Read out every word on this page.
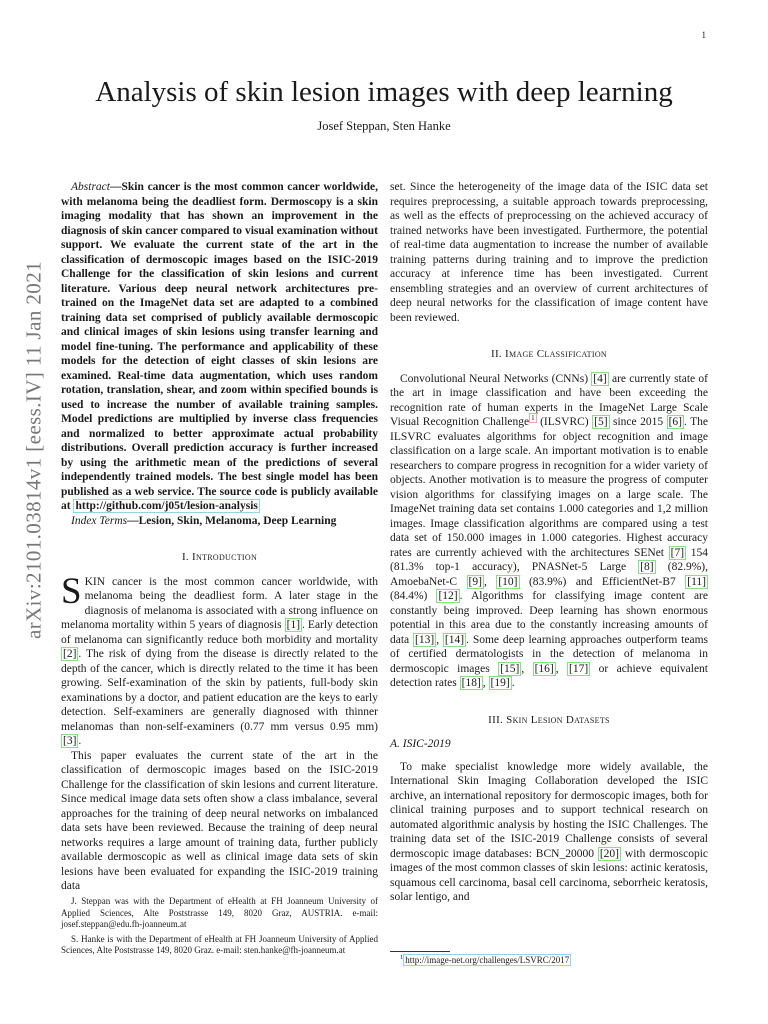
1
arXiv:2101.03814v1 [eess.IV] 11 Jan 2021
Analysis of skin lesion images with deep learning
Josef Steppan, Sten Hanke

Abstract—Skin cancer is the most common cancer worldwide, with melanoma being the deadliest form. Dermoscopy is a skin imaging modality that has shown an improvement in the diagnosis of skin cancer compared to visual examination without support. We evaluate the current state of the art in the classification of dermoscopic images based on the ISIC-2019 Challenge for the classification of skin lesions and current literature. Various deep neural network architectures pre-trained on the ImageNet data set are adapted to a combined training data set comprised of publicly available dermoscopic and clinical images of skin lesions using transfer learning and model fine-tuning. The performance and applicability of these models for the detection of eight classes of skin lesions are examined. Real-time data augmentation, which uses random rotation, translation, shear, and zoom within specified bounds is used to increase the number of available training samples. Model predictions are multiplied by inverse class frequencies and normalized to better approximate actual probability distributions. Overall prediction accuracy is further increased by using the arithmetic mean of the predictions of several independently trained models. The best single model has been published as a web service. The source code is publicly available at http://github.com/j05t/lesion-analysis

Index Terms—Lesion, Skin, Melanoma, Deep Learning

I. Introduction

SKIN cancer is the most common cancer worldwide, with melanoma being the deadliest form. A later stage in the diagnosis of melanoma is associated with a strong influence on melanoma mortality within 5 years of diagnosis [1] . Early detection of melanoma can significantly reduce both morbidity and mortality [2] . The risk of dying from the disease is directly related to the depth of the cancer, which is directly related to the time it has been growing. Self-examination of the skin by patients, full-body skin examinations by a doctor, and patient education are the keys to early detection. Self-examiners are generally diagnosed with thinner melanomas than non-self-examiners (0.77 mm versus 0.95 mm) [3] .

This paper evaluates the current state of the art in the classification of dermoscopic images based on the ISIC-2019 Challenge for the classification of skin lesions and current literature. Since medical image data sets often show a class imbalance, several approaches for the training of deep neural networks on imbalanced data sets have been reviewed. Because the training of deep neural networks requires a large amount of training data, further publicly available dermoscopic as well as clinical image data sets of skin lesions have been evaluated for expanding the ISIC-2019 training data

set. Since the heterogeneity of the image data of the ISIC data set requires preprocessing, a suitable approach towards preprocessing, as well as the effects of preprocessing on the achieved accuracy of trained networks have been investigated. Furthermore, the potential of real-time data augmentation to increase the number of available training patterns during training and to improve the prediction accuracy at inference time has been investigated. Current ensembling strategies and an overview of current architectures of deep neural networks for the classification of image content have been reviewed.

II. Image Classification

Convolutional Neural Networks (CNNs) [4] are currently state of the art in image classification and have been exceeding the recognition rate of human experts in the ImageNet Large Scale Visual Recognition Challenge $^1$ (ILSVRC) [5] since 2015 [6] . The ILSVRC evaluates algorithms for object recognition and image classification on a large scale. An important motivation is to enable researchers to compare progress in recognition for a wider variety of objects. Another motivation is to measure the progress of computer vision algorithms for classifying images on a large scale. The ImageNet training data set contains 1.000 categories and 1,2 million images. Image classification algorithms are compared using a test data set of 150.000 images in 1.000 categories. Highest accuracy rates are currently achieved with the architectures SENet [7] 154 (81.3% top-1 accuracy), PNASNet-5 Large [8] (82.9%), AmoebaNet-C [9] , [10] (83.9%) and EfficientNet-B7 [11] (84.4%) [12] . Algorithms for classifying image content are constantly being improved. Deep learning has shown enormous potential in this area due to the constantly increasing amounts of data [13] , [14] . Some deep learning approaches outperform teams of certified dermatologists in the detection of melanoma in dermoscopic images [15] , [16] , [17] or achieve equivalent detection rates [18] , [19] .

III. Skin Lesion Datasets
A. ISIC-2019

To make specialist knowledge more widely available, the International Skin Imaging Collaboration developed the ISIC archive, an international repository for dermoscopic images, both for clinical training purposes and to support technical research on automated algorithmic analysis by hosting the ISIC Challenges. The training data set of the ISIC-2019 Challenge consists of several dermoscopic image databases: BCN_20000 [20] with dermoscopic images of the most common classes of skin lesions: actinic keratosis, squamous cell carcinoma, basal cell carcinoma, seborrheic keratosis, solar lentigo, and

J. Steppan was with the Department of eHealth at FH Joanneum University of Applied Sciences, Alte Poststrasse 149, 8020 Graz, AUSTRIA. e-mail: josef.steppan@edu.fh-joanneum.at

S. Hanke is with the Department of eHealth at FH Joanneum University of Applied Sciences, Alte Poststrasse 149, 8020 Graz. e-mail: sten.hanke@fh-joanneum.at

$^1$ http://image-net.org/challenges/LSVRC/2017
